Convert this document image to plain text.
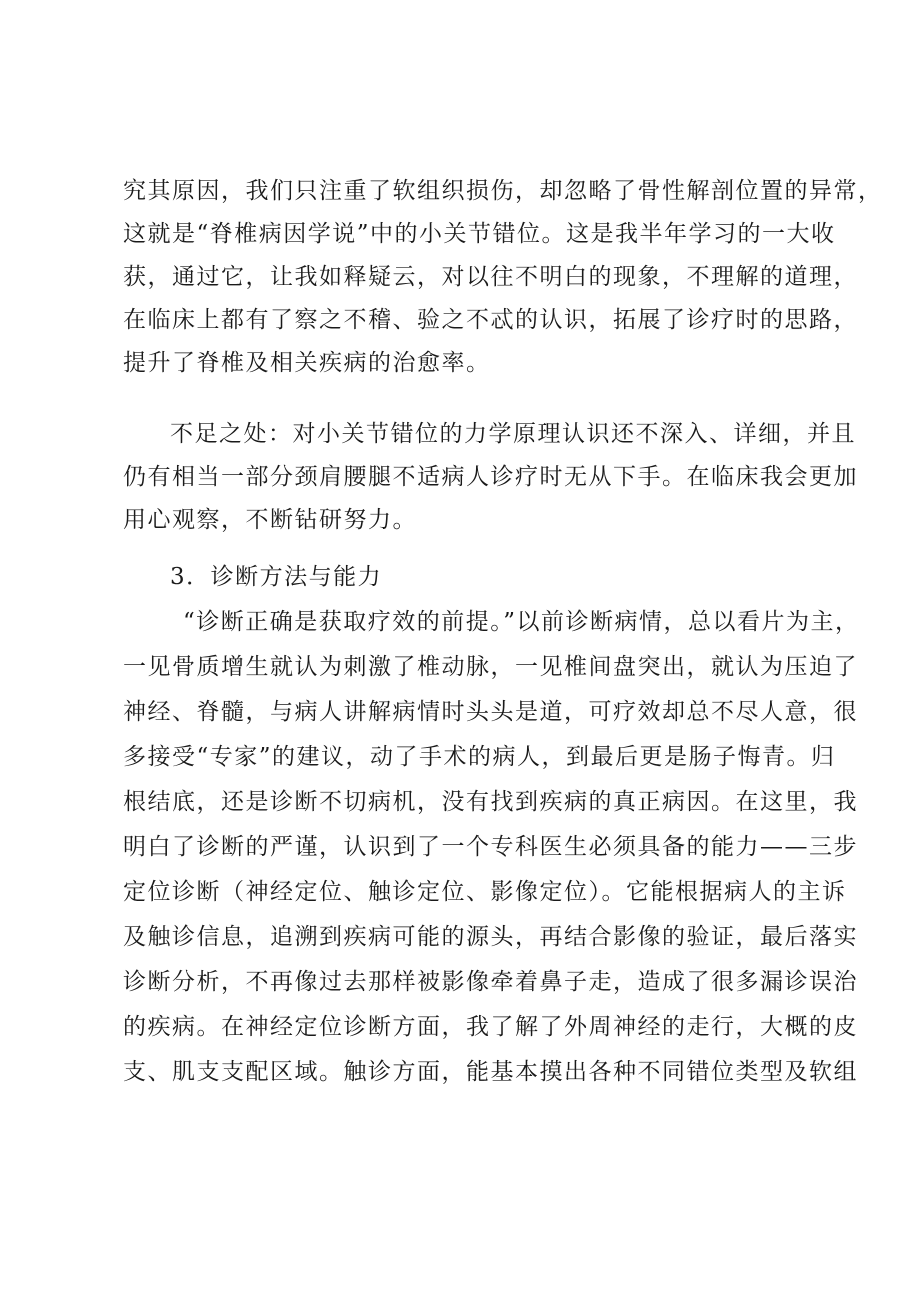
究其原因，我们只注重了软组织损伤，却忽略了骨性解剖位置的异常，
这就是“脊椎病因学说”中的小关节错位。这是我半年学习的一大收
获，通过它，让我如释疑云，对以往不明白的现象，不理解的道理，
在临床上都有了察之不稽、验之不忒的认识，拓展了诊疗时的思路，
提升了脊椎及相关疾病的治愈率。
不足之处：对小关节错位的力学原理认识还不深入、详细，并且
仍有相当一部分颈肩腰腿不适病人诊疗时无从下手。在临床我会更加
用心观察，不断钻研努力。
3．诊断方法与能力
“诊断正确是获取疗效的前提。”以前诊断病情，总以看片为主，
一见骨质增生就认为刺激了椎动脉，一见椎间盘突出，就认为压迫了
神经、脊髓，与病人讲解病情时头头是道，可疗效却总不尽人意，很
多接受“专家”的建议，动了手术的病人，到最后更是肠子悔青。归
根结底，还是诊断不切病机，没有找到疾病的真正病因。在这里，我
明白了诊断的严谨，认识到了一个专科医生必须具备的能力——三步
定位诊断（神经定位、触诊定位、影像定位）。它能根据病人的主诉
及触诊信息，追溯到疾病可能的源头，再结合影像的验证，最后落实
诊断分析，不再像过去那样被影像牵着鼻子走，造成了很多漏诊误治
的疾病。在神经定位诊断方面，我了解了外周神经的走行，大概的皮
支、肌支支配区域。触诊方面，能基本摸出各种不同错位类型及软组
